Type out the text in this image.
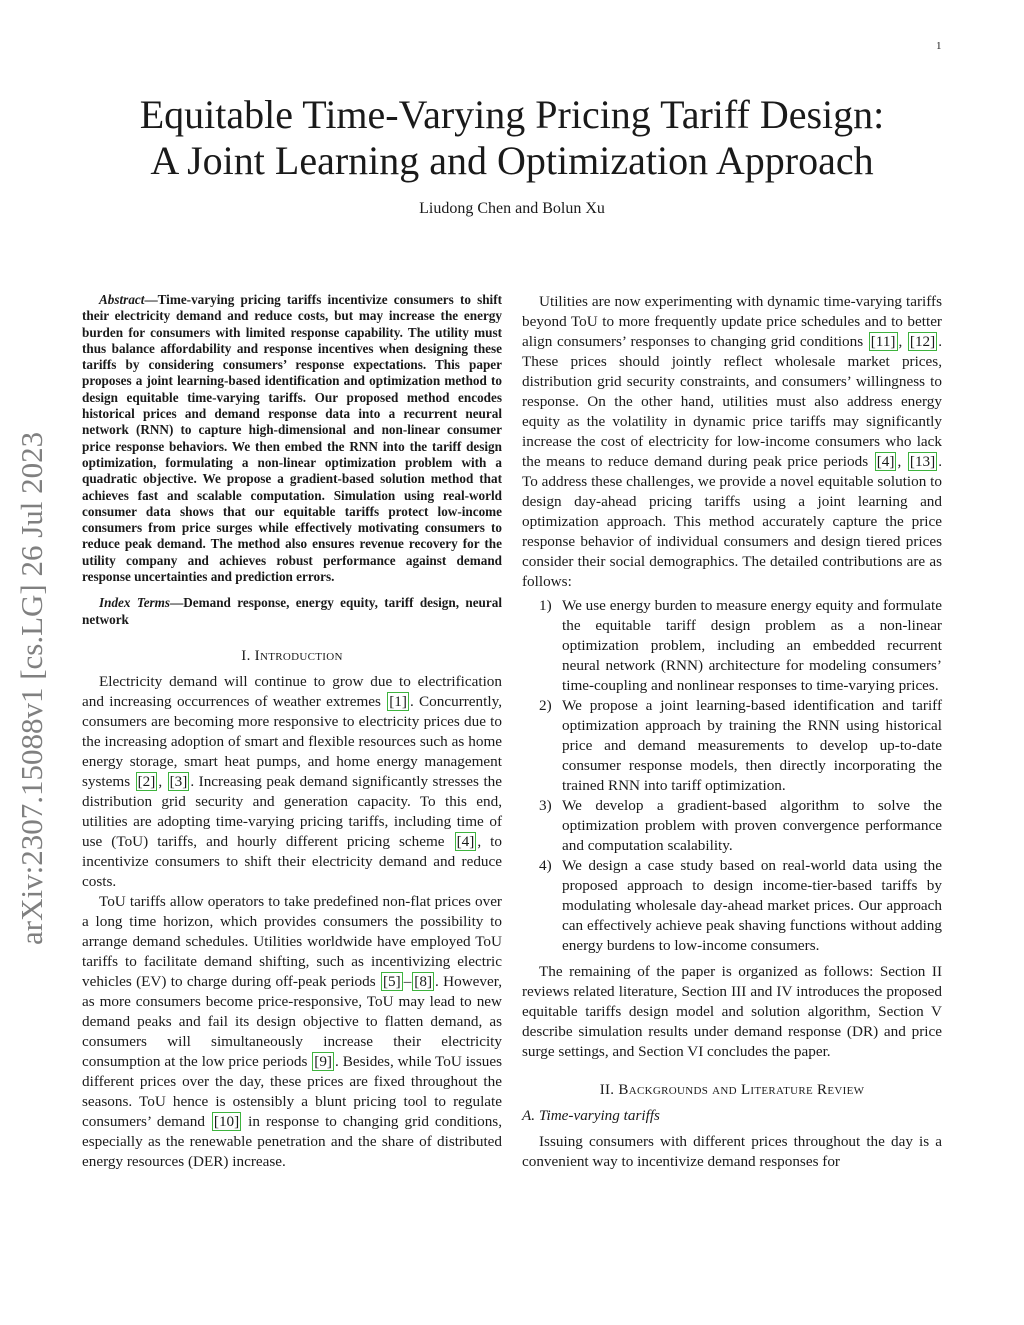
1
arXiv:2307.15088v1 [cs.LG] 26 Jul 2023
Equitable Time-Varying Pricing Tariff Design:
A Joint Learning and Optimization Approach
Liudong Chen and Bolun Xu

Abstract—Time-varying pricing tariffs incentivize consumers to shift their electricity demand and reduce costs, but may increase the energy burden for consumers with limited response capability. The utility must thus balance affordability and response incentives when designing these tariffs by considering consumers’ response expectations. This paper proposes a joint learning-based identification and optimization method to design equitable time-varying tariffs. Our proposed method encodes historical prices and demand response data into a recurrent neural network (RNN) to capture high-dimensional and non-linear consumer price response behaviors. We then embed the RNN into the tariff design optimization, formulating a non-linear optimization problem with a quadratic objective. We propose a gradient-based solution method that achieves fast and scalable computation. Simulation using real-world consumer data shows that our equitable tariffs protect low-income consumers from price surges while effectively motivating consumers to reduce peak demand. The method also ensures revenue recovery for the utility company and achieves robust performance against demand response uncertainties and prediction errors.

Index Terms—Demand response, energy equity, tariff design, neural network

I. Introduction

Electricity demand will continue to grow due to electrification and increasing occurrences of weather extremes [1] . Concurrently, consumers are becoming more responsive to electricity prices due to the increasing adoption of smart and flexible resources such as home energy storage, smart heat pumps, and home energy management systems [2] , [3] . Increasing peak demand significantly stresses the distribution grid security and generation capacity. To this end, utilities are adopting time-varying pricing tariffs, including time of use (ToU) tariffs, and hourly different pricing scheme [4] , to incentivize consumers to shift their electricity demand and reduce costs.

ToU tariffs allow operators to take predefined non-flat prices over a long time horizon, which provides consumers the possibility to arrange demand schedules. Utilities worldwide have employed ToU tariffs to facilitate demand shifting, such as incentivizing electric vehicles (EV) to charge during off-peak periods [5] – [8] . However, as more consumers become price-responsive, ToU may lead to new demand peaks and fail its design objective to flatten demand, as consumers will simultaneously increase their electricity consumption at the low price periods [9] . Besides, while ToU issues different prices over the day, these prices are fixed throughout the seasons. ToU hence is ostensibly a blunt pricing tool to regulate consumers’ demand [10] in response to changing grid conditions, especially as the renewable penetration and the share of distributed energy resources (DER) increase.

Utilities are now experimenting with dynamic time-varying tariffs beyond ToU to more frequently update price schedules and to better align consumers’ responses to changing grid conditions [11] , [12] . These prices should jointly reflect wholesale market prices, distribution grid security constraints, and consumers’ willingness to response. On the other hand, utilities must also address energy equity as the volatility in dynamic price tariffs may significantly increase the cost of electricity for low-income consumers who lack the means to reduce demand during peak price periods [4] , [13] . To address these challenges, we provide a novel equitable solution to design day-ahead pricing tariffs using a joint learning and optimization approach. This method accurately capture the price response behavior of individual consumers and design tiered prices consider their social demographics. The detailed contributions are as follows:

1) We use energy burden to measure energy equity and formulate the equitable tariff design problem as a non-linear optimization problem, including an embedded recurrent neural network (RNN) architecture for modeling consumers’ time-coupling and nonlinear responses to time-varying prices.
2) We propose a joint learning-based identification and tariff optimization approach by training the RNN using historical price and demand measurements to develop up-to-date consumer response models, then directly incorporating the trained RNN into tariff optimization.
3) We develop a gradient-based algorithm to solve the optimization problem with proven convergence performance and computation scalability.
4) We design a case study based on real-world data using the proposed approach to design income-tier-based tariffs by modulating wholesale day-ahead market prices. Our approach can effectively achieve peak shaving functions without adding energy burdens to low-income consumers.

The remaining of the paper is organized as follows: Section II reviews related literature, Section III and IV introduces the proposed equitable tariffs design model and solution algorithm, Section V describe simulation results under demand response (DR) and price surge settings, and Section VI concludes the paper.

II. Backgrounds and Literature Review

A. Time-varying tariffs

Issuing consumers with different prices throughout the day is a convenient way to incentivize demand responses for
